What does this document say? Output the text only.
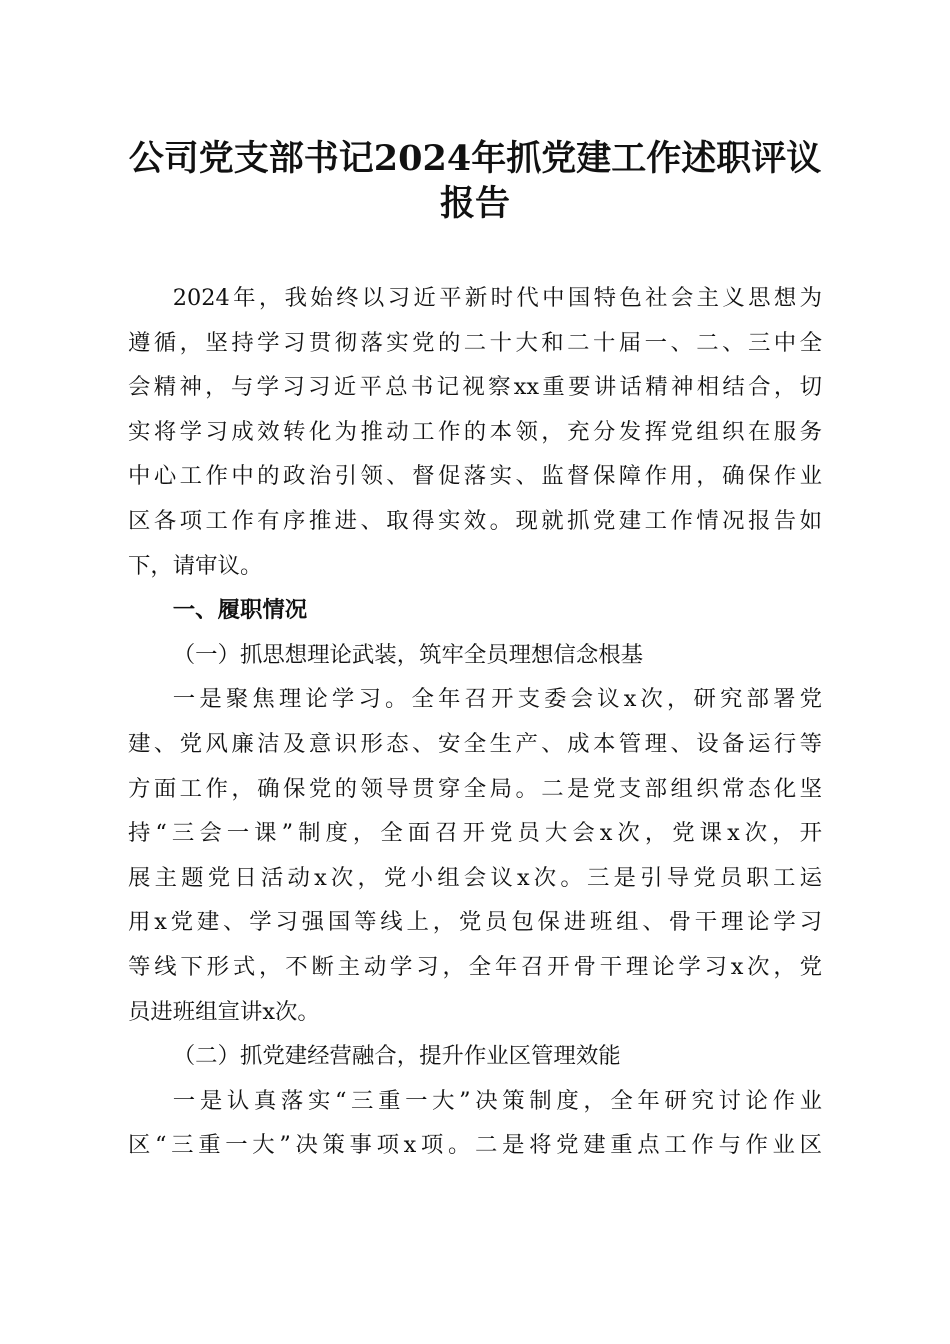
公司党支部书记2024年抓党建工作述职评议
报告
2024年，我始终以习近平新时代中国特色社会主义思想为
遵循，坚持学习贯彻落实党的二十大和二十届一、二、三中全
会精神，与学习习近平总书记视察xx重要讲话精神相结合，切
实将学习成效转化为推动工作的本领，充分发挥党组织在服务
中心工作中的政治引领、督促落实、监督保障作用，确保作业
区各项工作有序推进、取得实效。现就抓党建工作情况报告如
下，请审议。
一、履职情况
（一）抓思想理论武装，筑牢全员理想信念根基
一是聚焦理论学习。全年召开支委会议x次，研究部署党
建、党风廉洁及意识形态、安全生产、成本管理、设备运行等
方面工作，确保党的领导贯穿全局。二是党支部组织常态化坚
持“三会一课”制度，全面召开党员大会x次，党课x次，开
展主题党日活动x次，党小组会议x次。三是引导党员职工运
用x党建、学习强国等线上，党员包保进班组、骨干理论学习
等线下形式，不断主动学习，全年召开骨干理论学习x次，党
员进班组宣讲x次。
（二）抓党建经营融合，提升作业区管理效能
一是认真落实“三重一大”决策制度，全年研究讨论作业
区“三重一大”决策事项x项。二是将党建重点工作与作业区
